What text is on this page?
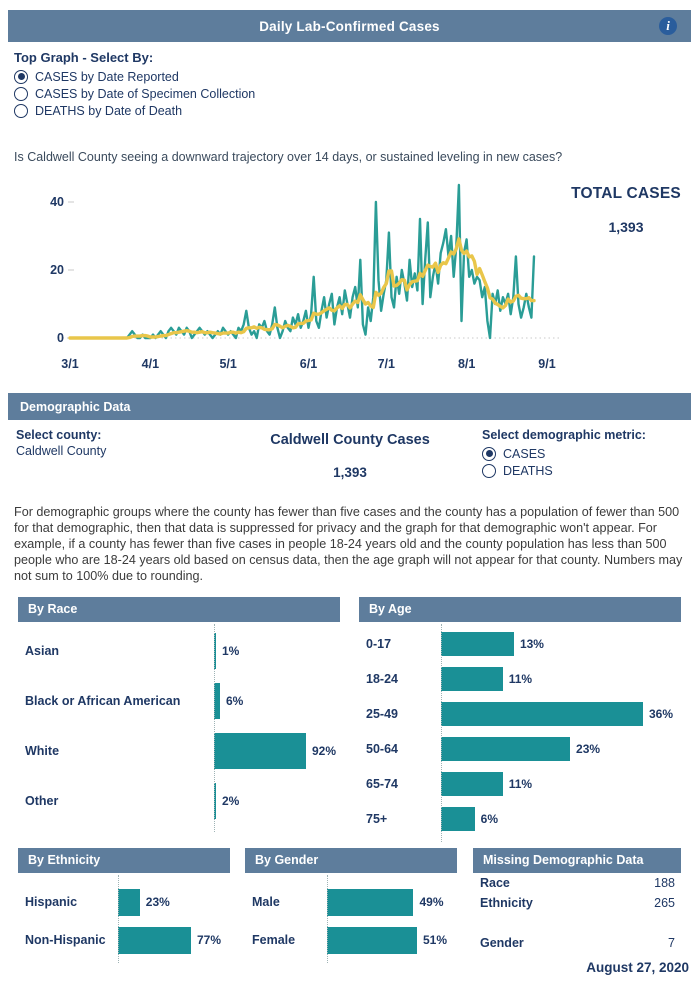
Daily Lab-Confirmed Cases	i
Top Graph - Select By:
CASES by Date Reported
CASES by Date of Specimen Collection
DEATHS by Date of Death
Is Caldwell County seeing a downward trajectory over 14 days, or sustained leveling in new cases?
40
20
0
3/1	4/1	5/1	6/1	7/1	8/1	9/1
TOTAL CASES
1,393
Demographic Data
Select county:
Caldwell County
Caldwell County Cases
1,393
Select demographic metric:
CASES
DEATHS
For demographic groups where the county has fewer than five cases and the county has a population of fewer than 500 for that demographic, then that data is suppressed for privacy and the graph for that demographic won't appear. For example, if a county has fewer than five cases in people 18-24 years old and the county population has less than 500 people who are 18-24 years old based on census data, then the age graph will not appear for that county. Numbers may not sum to 100% due to rounding.
By Race
Asian	1%
Black or African American	6%
White	92%
Other	2%
By Age
0-17	13%
18-24	11%
25-49	36%
50-64	23%
65-74	11%
75+	6%
By Ethnicity
Hispanic	23%
Non-Hispanic	77%
By Gender
Male	49%
Female	51%
Missing Demographic Data
Race	188
Ethnicity	265
Gender	7
August 27, 2020
